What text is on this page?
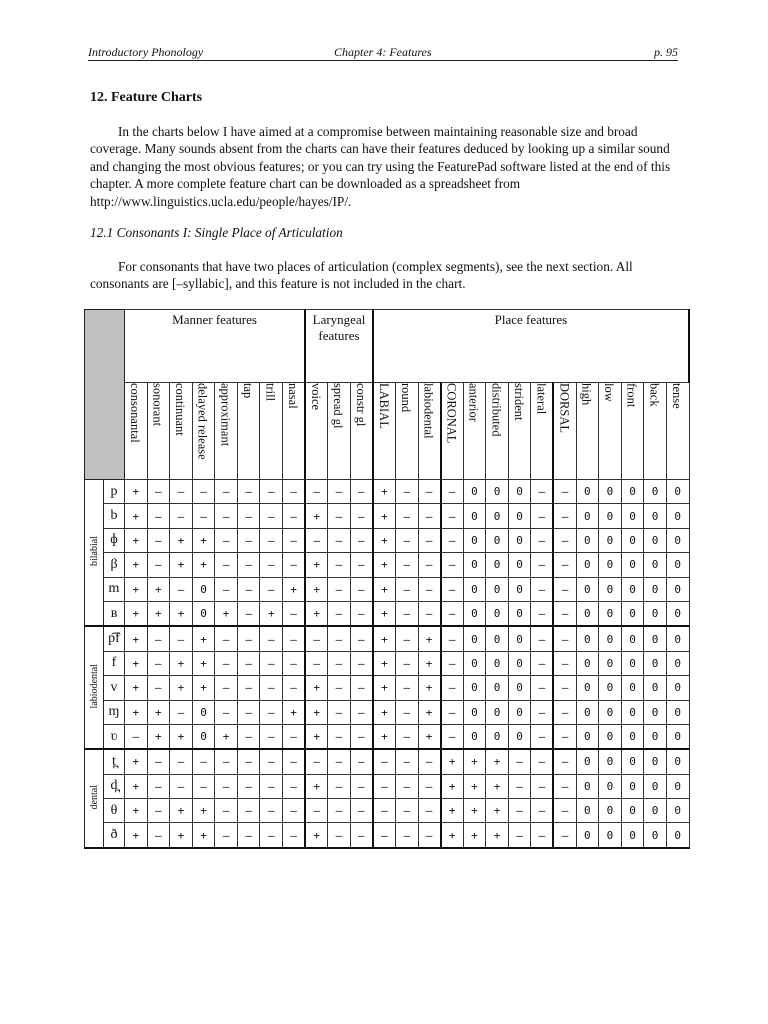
Introductory Phonology	Chapter 4: Features	p. 95
12. Feature Charts
In the charts below I have aimed at a compromise between maintaining reasonable size and broad coverage. Many sounds absent from the charts can have their features deduced by looking up a similar sound and changing the most obvious features; or you can try using the FeaturePad software listed at the end of this chapter. A more complete feature chart can be downloaded as a spreadsheet from http://www.linguistics.ucla.edu/people/hayes/IP/.
12.1 Consonants I: Single Place of Articulation
For consonants that have two places of articulation (complex segments), see the next section. All consonants are [–syllabic], and this feature is not included in the chart.
		Manner features								Laryngeal features			Place features													
		consonantal	sonorant	continuant	delayed release	approximant	tap	trill	nasal	voice	spread gl	constr gl	LABIAL	round	labiodental	CORONAL	anterior	distributed	strident	lateral	DORSAL	high	low	front	back	tense
bilabial	p	+	–	–	–	–	–	–	–	–	–	–	+	–	–	–	0	0	0	–	–	0	0	0	0	0
	b	+	–	–	–	–	–	–	–	+	–	–	+	–	–	–	0	0	0	–	–	0	0	0	0	0
	ɸ	+	–	+	+	–	–	–	–	–	–	–	+	–	–	–	0	0	0	–	–	0	0	0	0	0
	β	+	–	+	+	–	–	–	–	+	–	–	+	–	–	–	0	0	0	–	–	0	0	0	0	0
	m	+	+	–	0	–	–	–	+	+	–	–	+	–	–	–	0	0	0	–	–	0	0	0	0	0
	ʙ	+	+	+	0	+	–	+	–	+	–	–	+	–	–	–	0	0	0	–	–	0	0	0	0	0
labiodental	p͡f	+	–	–	+	–	–	–	–	–	–	–	+	–	+	–	0	0	0	–	–	0	0	0	0	0
	f	+	–	+	+	–	–	–	–	–	–	–	+	–	+	–	0	0	0	–	–	0	0	0	0	0
	v	+	–	+	+	–	–	–	–	+	–	–	+	–	+	–	0	0	0	–	–	0	0	0	0	0
	ɱ	+	+	–	0	–	–	–	+	+	–	–	+	–	+	–	0	0	0	–	–	0	0	0	0	0
	ʋ	–	+	+	0	+	–	–	–	+	–	–	+	–	+	–	0	0	0	–	–	0	0	0	0	0
dental	t̪	+	–	–	–	–	–	–	–	–	–	–	–	–	–	+	+	+	–	–	–	0	0	0	0	0
	d̪	+	–	–	–	–	–	–	–	+	–	–	–	–	–	+	+	+	–	–	–	0	0	0	0	0
	θ	+	–	+	+	–	–	–	–	–	–	–	–	–	–	+	+	+	–	–	–	0	0	0	0	0
	ð	+	–	+	+	–	–	–	–	+	–	–	–	–	–	+	+	+	–	–	–	0	0	0	0	0
